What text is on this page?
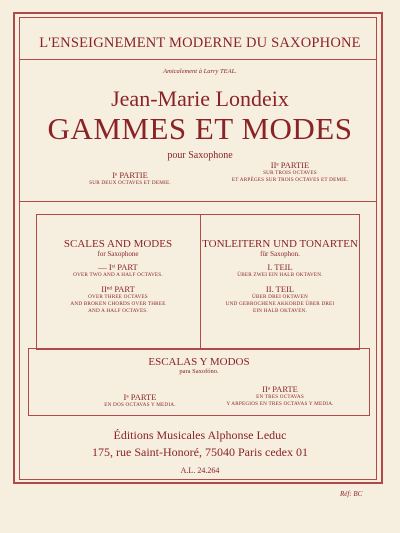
L'ENSEIGNEMENT MODERNE DU SAXOPHONE
Amicalement à Larry TEAL.
Jean-Marie Londeix
GAMMES ET MODES
pour Saxophone
Iᵉ PARTIE
SUR DEUX OCTAVES ET DEMIE.
IIᵉ PARTIE
SUR TROIS OCTAVES
ET ARPÈGES SUR TROIS OCTAVES ET DEMIE.
SCALES AND MODES
for Saxophone
— Iˢᵗ PART
OVER TWO AND A HALF OCTAVES.
IIⁿᵈ PART
OVER THREE OCTAVES
AND BROKEN CHORDS OVER THREE
AND A HALF OCTAVES.
TONLEITERN UND TONARTEN
für Saxophon.
I. TEIL
ÜBER ZWEI EIN HALB OKTAVEN.
II. TEIL
ÜBER DREI OKTAVEN
UND GEBROCHENE AKKORDE ÜBER DREI
EIN HALB OKTAVEN.
ESCALAS Y MODOS
para Saxofóno.
Iᵃ PARTE
EN DOS OCTAVAS Y MEDIA.
IIᵃ PARTE
EN TRES OCTAVAS
Y ARPEGIOS EN TRES OCTAVAS Y MEDIA.
Éditions Musicales Alphonse Leduc
175, rue Saint-Honoré, 75040 Paris cedex 01
A.L. 24.264
Réf: BC
